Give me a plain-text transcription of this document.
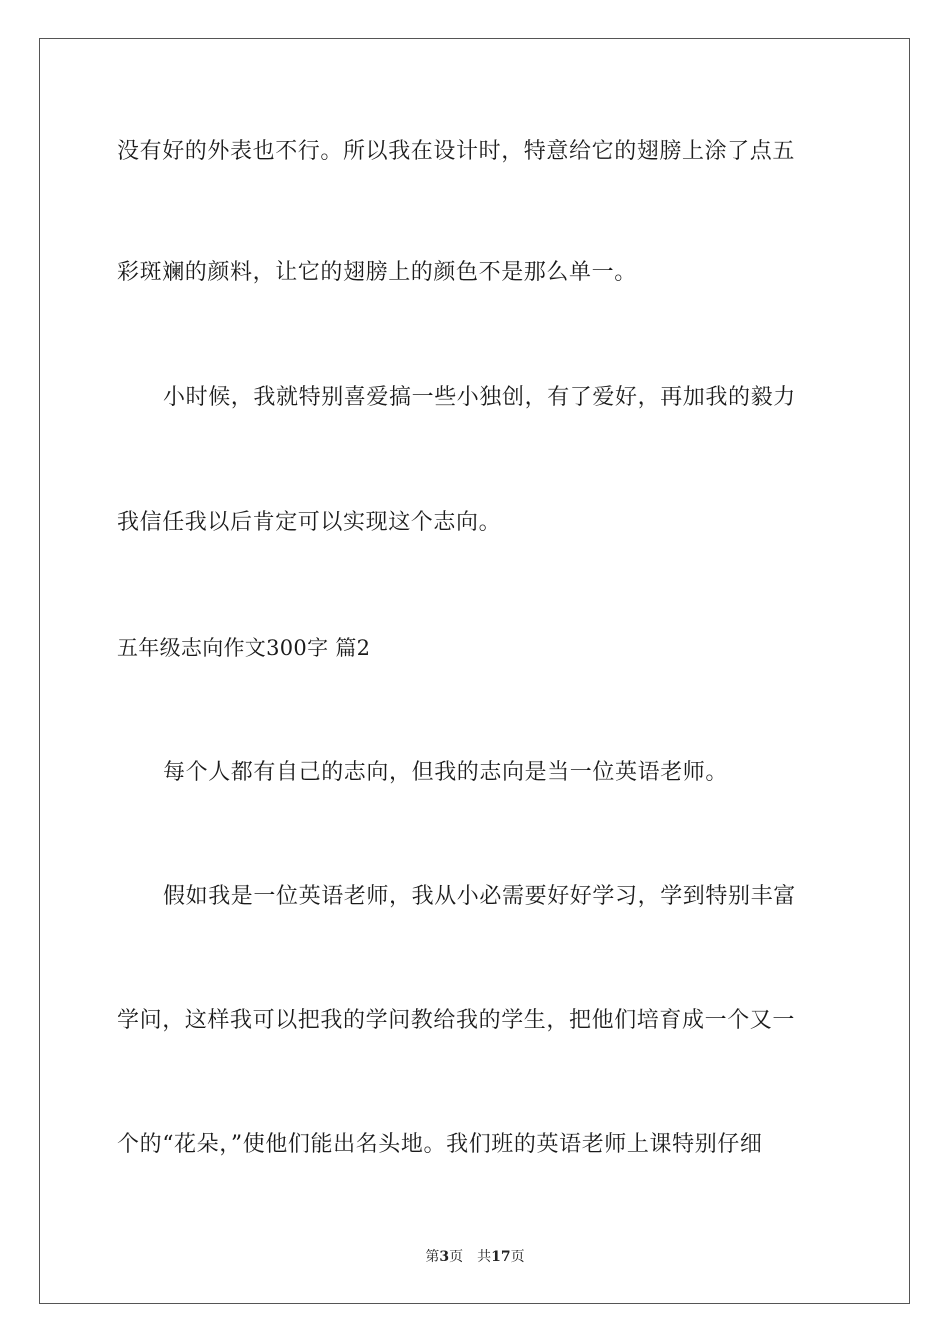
没有好的外表也不行。所以我在设计时，特意给它的翅膀上涂了点五
彩斑斓的颜料，让它的翅膀上的颜色不是那么单一。
小时候，我就特别喜爱搞一些小独创，有了爱好，再加我的毅力
我信任我以后肯定可以实现这个志向。
五年级志向作文300字 篇2
每个人都有自己的志向，但我的志向是当一位英语老师。
假如我是一位英语老师，我从小必需要好好学习，学到特别丰富
学问，这样我可以把我的学问教给我的学生，把他们培育成一个又一
个的“花朵，”使他们能出名头地。我们班的英语老师上课特别仔细
第3页 共17页
